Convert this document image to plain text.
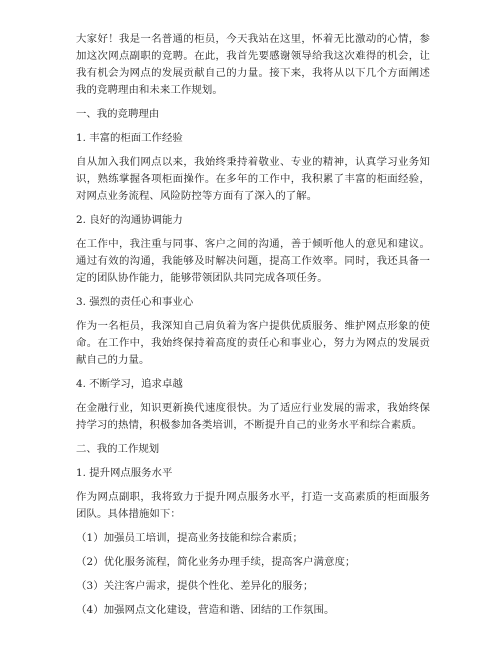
大家好！我是一名普通的柜员，今天我站在这里，怀着无比激动的心情，参加这次网点副职的竞聘。在此，我首先要感谢领导给我这次难得的机会，让我有机会为网点的发展贡献自己的力量。接下来，我将从以下几个方面阐述我的竞聘理由和未来工作规划。

一、我的竞聘理由

1. 丰富的柜面工作经验

自从加入我们网点以来，我始终秉持着敬业、专业的精神，认真学习业务知识，熟练掌握各项柜面操作。在多年的工作中，我积累了丰富的柜面经验，对网点业务流程、风险防控等方面有了深入的了解。

2. 良好的沟通协调能力

在工作中，我注重与同事、客户之间的沟通，善于倾听他人的意见和建议。通过有效的沟通，我能够及时解决问题，提高工作效率。同时，我还具备一定的团队协作能力，能够带领团队共同完成各项任务。

3. 强烈的责任心和事业心

作为一名柜员，我深知自己肩负着为客户提供优质服务、维护网点形象的使命。在工作中，我始终保持着高度的责任心和事业心，努力为网点的发展贡献自己的力量。

4. 不断学习，追求卓越

在金融行业，知识更新换代速度很快。为了适应行业发展的需求，我始终保持学习的热情，积极参加各类培训，不断提升自己的业务水平和综合素质。

二、我的工作规划

1. 提升网点服务水平

作为网点副职，我将致力于提升网点服务水平，打造一支高素质的柜面服务团队。具体措施如下：

（1）加强员工培训，提高业务技能和综合素质；

（2）优化服务流程，简化业务办理手续，提高客户满意度；

（3）关注客户需求，提供个性化、差异化的服务；

（4）加强网点文化建设，营造和谐、团结的工作氛围。
